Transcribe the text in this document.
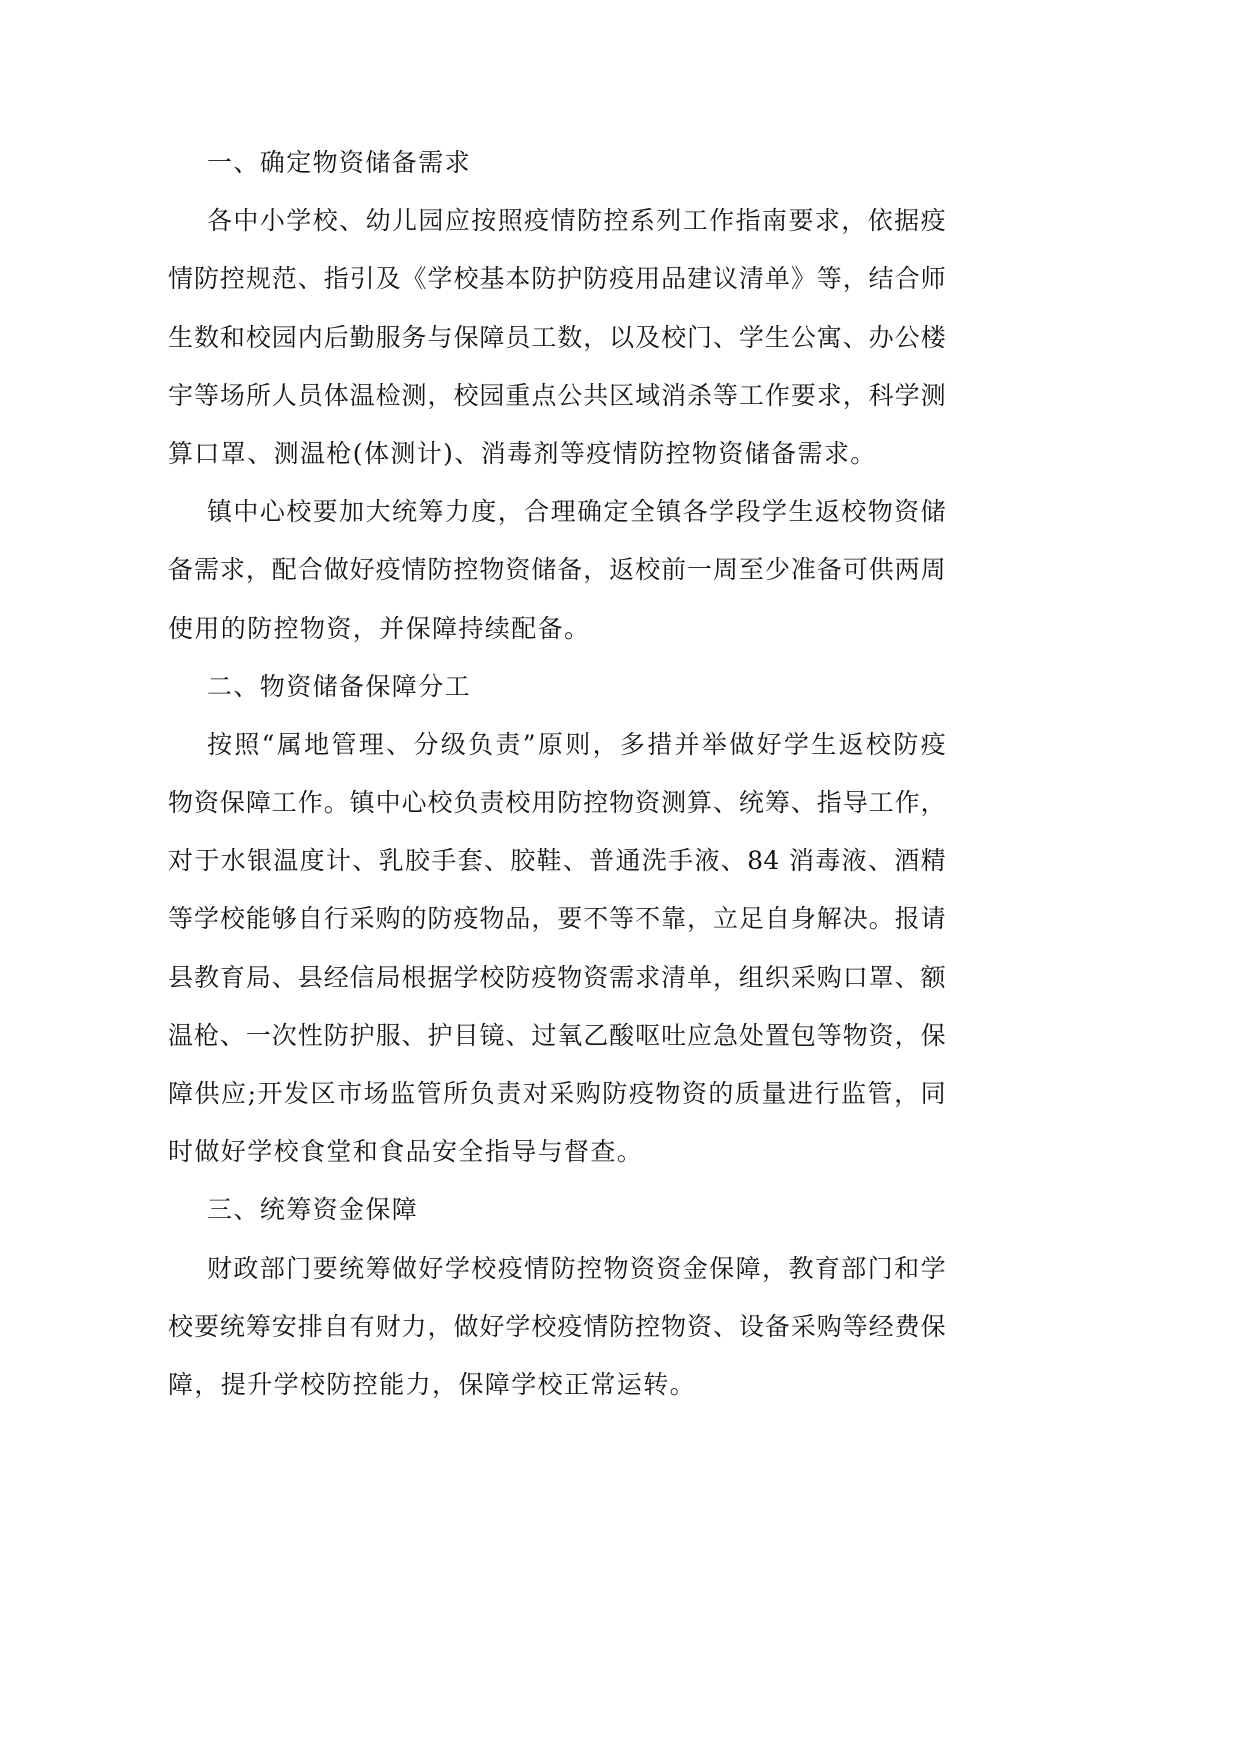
一、确定物资储备需求
各中小学校、幼儿园应按照疫情防控系列工作指南要求，依据疫
情防控规范、指引及《学校基本防护防疫用品建议清单》等，结合师
生数和校园内后勤服务与保障员工数，以及校门、学生公寓、办公楼
宇等场所人员体温检测，校园重点公共区域消杀等工作要求，科学测
算口罩、测温枪(体测计)、消毒剂等疫情防控物资储备需求。
镇中心校要加大统筹力度，合理确定全镇各学段学生返校物资储
备需求，配合做好疫情防控物资储备，返校前一周至少准备可供两周
使用的防控物资，并保障持续配备。
二、物资储备保障分工
按照“属地管理、分级负责”原则，多措并举做好学生返校防疫
物资保障工作。镇中心校负责校用防控物资测算、统筹、指导工作，
对于水银温度计、乳胶手套、胶鞋、普通洗手液、84 消毒液、酒精
等学校能够自行采购的防疫物品，要不等不靠，立足自身解决。报请
县教育局、县经信局根据学校防疫物资需求清单，组织采购口罩、额
温枪、一次性防护服、护目镜、过氧乙酸呕吐应急处置包等物资，保
障供应;开发区市场监管所负责对采购防疫物资的质量进行监管，同
时做好学校食堂和食品安全指导与督查。
三、统筹资金保障
财政部门要统筹做好学校疫情防控物资资金保障，教育部门和学
校要统筹安排自有财力，做好学校疫情防控物资、设备采购等经费保
障，提升学校防控能力，保障学校正常运转。
